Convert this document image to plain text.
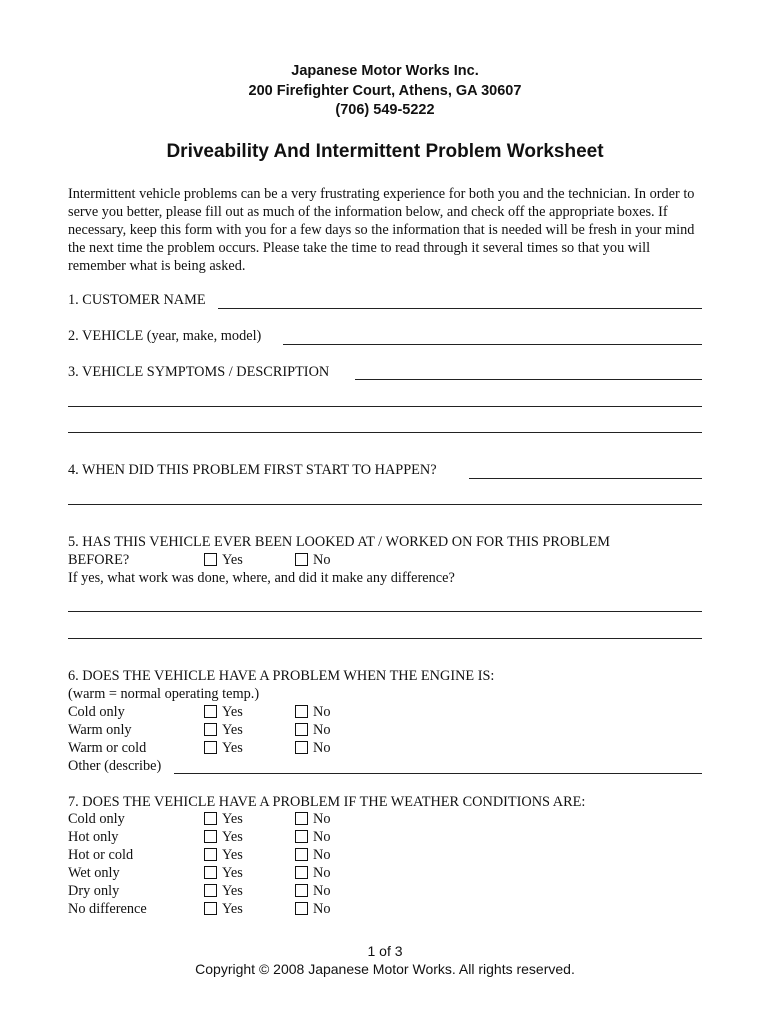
Japanese Motor Works Inc.
200 Firefighter Court, Athens, GA 30607
(706) 549-5222
Driveability And Intermittent Problem Worksheet
Intermittent vehicle problems can be a very frustrating experience for both you and the technician. In order to serve you better, please fill out as much of the information below, and check off the appropriate boxes. If necessary, keep this form with you for a few days so the information that is needed will be fresh in your mind the next time the problem occurs. Please take the time to read through it several times so that you will remember what is being asked.
1. CUSTOMER NAME
2. VEHICLE (year, make, model)
3. VEHICLE SYMPTOMS / DESCRIPTION
4. WHEN DID THIS PROBLEM FIRST START TO HAPPEN?
5. HAS THIS VEHICLE EVER BEEN LOOKED AT / WORKED ON FOR THIS PROBLEM
BEFORE?	Yes	No
If yes, what work was done, where, and did it make any difference?
6. DOES THE VEHICLE HAVE A PROBLEM WHEN THE ENGINE IS:
(warm = normal operating temp.)
Cold only	Yes	No
Warm only	Yes	No
Warm or cold	Yes	No
Other (describe)
7. DOES THE VEHICLE HAVE A PROBLEM IF THE WEATHER CONDITIONS ARE:
Cold only	Yes	No
Hot only	Yes	No
Hot or cold	Yes	No
Wet only	Yes	No
Dry only	Yes	No
No difference	Yes	No
1 of 3
Copyright © 2008 Japanese Motor Works. All rights reserved.
